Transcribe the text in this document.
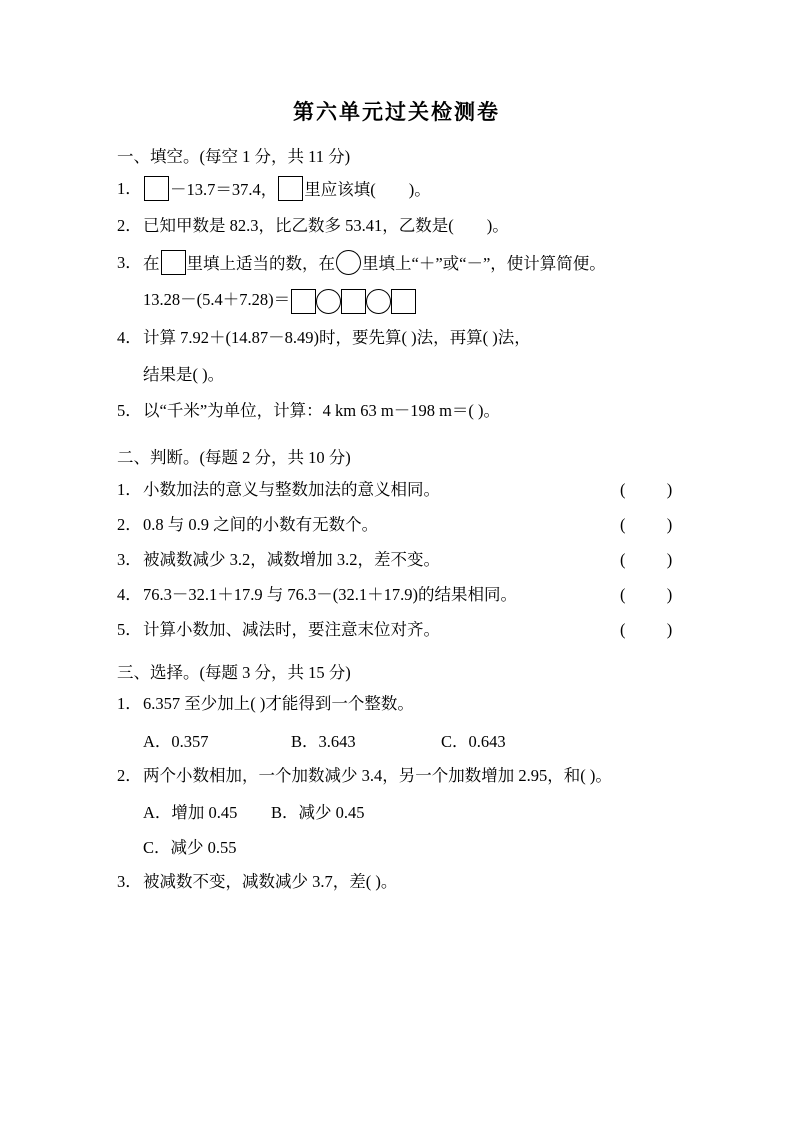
第六单元过关检测卷
一、填空。(每空 1 分，共 11 分)
1．	－13.7＝37.4， 里应该填( )。
2． 已知甲数是 82.3，比乙数多 53.41，乙数是( )。
3． 在 里填上适当的数，在 里填上“＋”或“－”，使计算简便。
13.28－(5.4＋7.28)＝
4． 计算 7.92＋(14.87－8.49)时，要先算( )法，再算( )法，
结果是( )。
5． 以“千米”为单位，计算：4 km 63 m－198 m＝( )。
二、判断。(每题 2 分，共 10 分)
1． 小数加法的意义与整数加法的意义相同。	(          )
2． 0.8 与 0.9 之间的小数有无数个。	(          )
3． 被减数减少 3.2，减数增加 3.2，差不变。	(          )
4． 76.3－32.1＋17.9 与 76.3－(32.1＋17.9)的结果相同。	(          )
5． 计算小数加、减法时，要注意末位对齐。	(          )
三、选择。(每题 3 分，共 15 分)
1． 6.357 至少加上( )才能得到一个整数。
A．0.357	B．3.643	C．0.643
2． 两个小数相加，一个加数减少 3.4，另一个加数增加 2.95，和( )。
A．增加 0.45 B．减少 0.45
C．减少 0.55
3． 被减数不变，减数减少 3.7，差( )。
